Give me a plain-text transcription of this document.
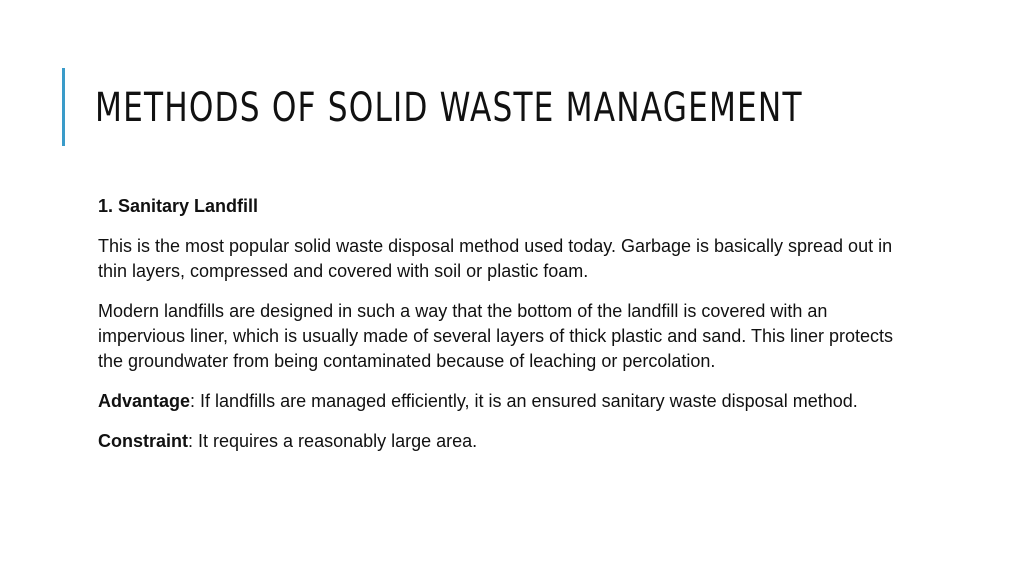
METHODS OF SOLID WASTE MANAGEMENT

1. Sanitary Landfill

This is the most popular solid waste disposal method used today. Garbage is basically spread out in thin layers, compressed and covered with soil or plastic foam.

Modern landfills are designed in such a way that the bottom of the landfill is covered with an impervious liner, which is usually made of several layers of thick plastic and sand. This liner protects the groundwater from being contaminated because of leaching or percolation.

Advantage: If landfills are managed efficiently, it is an ensured sanitary waste disposal method.

Constraint: It requires a reasonably large area.
